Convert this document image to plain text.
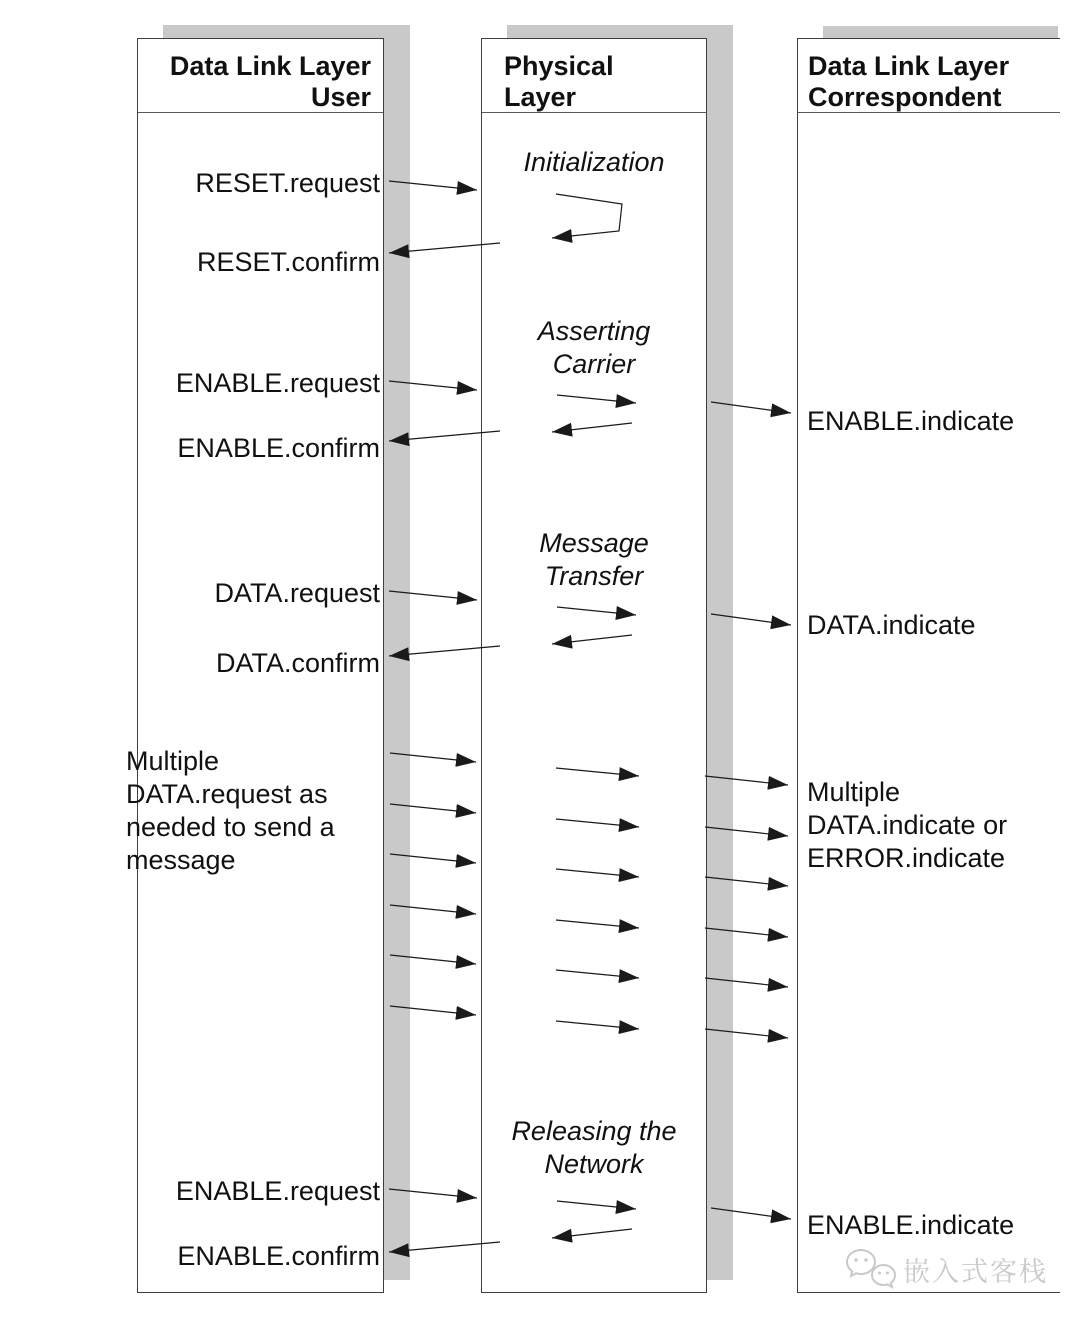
Data Link Layer
User
Physical
Layer
Data Link Layer
Correspondent
Initialization
Asserting
Carrier
Message
Transfer
Releasing the
Network
RESET.request
RESET.confirm
ENABLE.request
ENABLE.confirm
DATA.request
DATA.confirm
Multiple
DATA.request as
needed to send a
message
ENABLE.request
ENABLE.confirm
ENABLE.indicate
DATA.indicate
Multiple
DATA.indicate or
ERROR.indicate
ENABLE.indicate
嵌入式客栈
